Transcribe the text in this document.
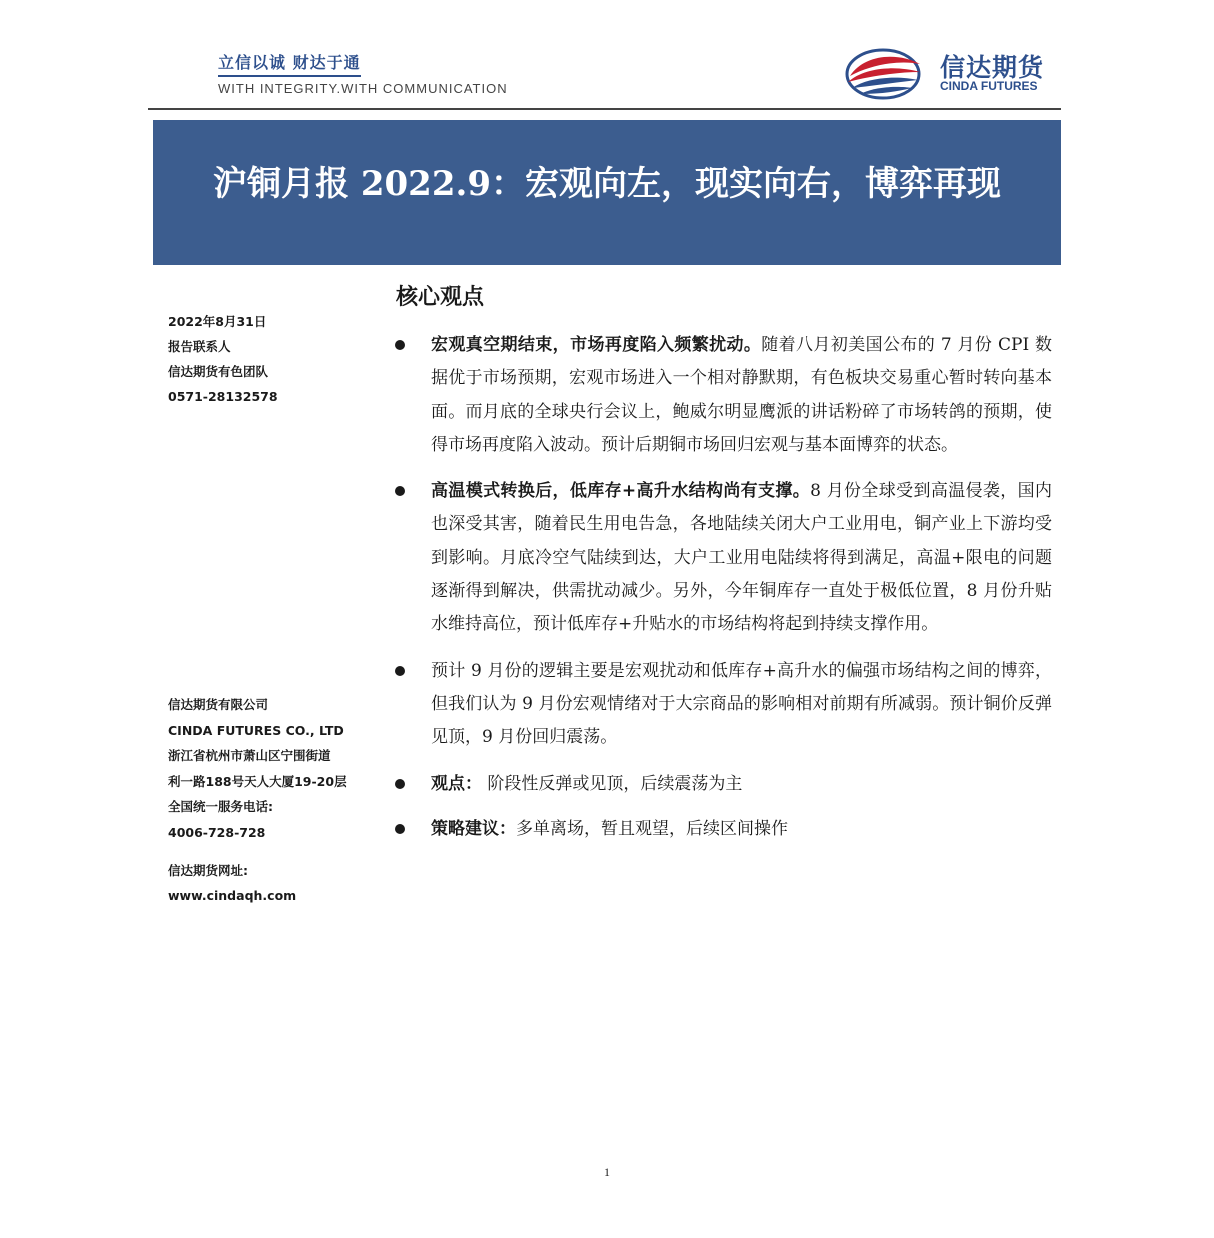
立信以诚 财达于通
WITH INTEGRITY.WITH COMMUNICATION
信达期货
CINDA FUTURES
沪铜月报 2022.9：宏观向左，现实向右，博弈再现
2022年8月31日
报告联系人
信达期货有色团队
0571-28132578
信达期货有限公司
CINDA FUTURES CO., LTD
浙江省杭州市萧山区宁围街道
利一路188号天人大厦19-20层
全国统一服务电话:
4006-728-728
信达期货网址:
www.cindaqh.com
核心观点
宏观真空期结束，市场再度陷入频繁扰动。随着八月初美国公布的 7 月份 CPI 数据优于市场预期，宏观市场进入一个相对静默期，有色板块交易重心暂时转向基本面。而月底的全球央行会议上，鲍威尔明显鹰派的讲话粉碎了市场转鸽的预期，使得市场再度陷入波动。预计后期铜市场回归宏观与基本面博弈的状态。
高温模式转换后，低库存+高升水结构尚有支撑。8 月份全球受到高温侵袭，国内也深受其害，随着民生用电告急，各地陆续关闭大户工业用电，铜产业上下游均受到影响。月底冷空气陆续到达，大户工业用电陆续将得到满足，高温+限电的问题逐渐得到解决，供需扰动减少。另外，今年铜库存一直处于极低位置，8 月份升贴水维持高位，预计低库存+升贴水的市场结构将起到持续支撑作用。
预计 9 月份的逻辑主要是宏观扰动和低库存+高升水的偏强市场结构之间的博弈，但我们认为 9 月份宏观情绪对于大宗商品的影响相对前期有所减弱。预计铜价反弹见顶，9 月份回归震荡。
观点： 阶段性反弹或见顶，后续震荡为主
策略建议：多单离场，暂且观望，后续区间操作
1
